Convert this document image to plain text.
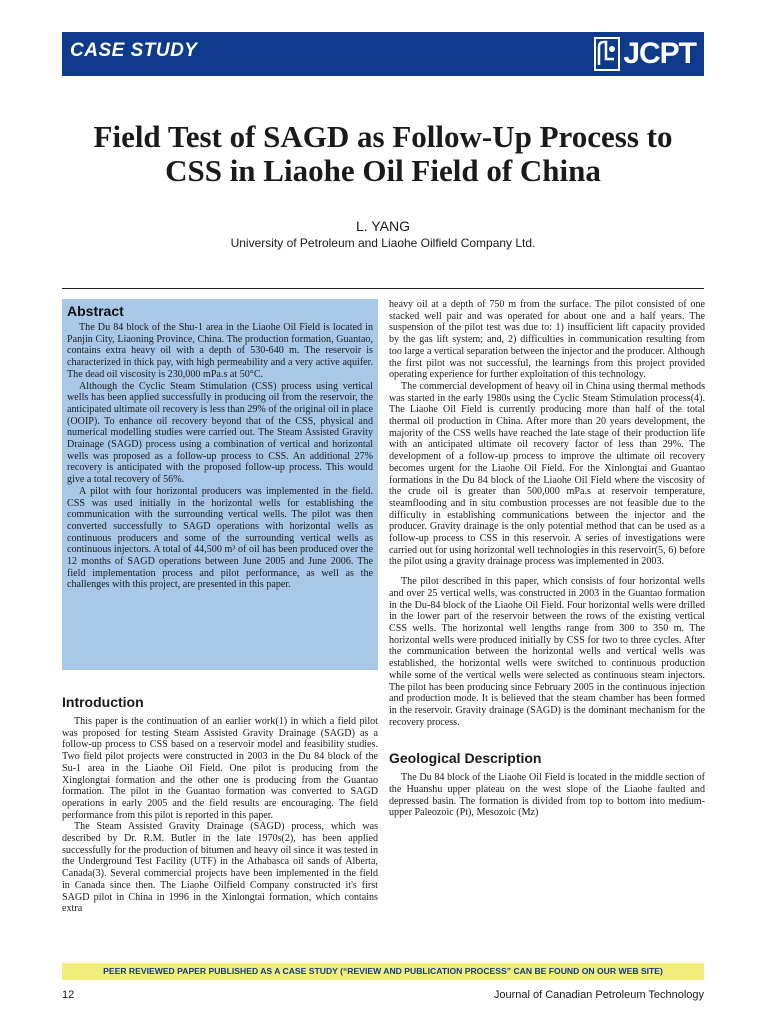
CASE STUDY	JCPT
Field Test of SAGD as Follow-Up Process to CSS in Liaohe Oil Field of China
L. YANG
University of Petroleum and Liaohe Oilfield Company Ltd.
Abstract

The Du 84 block of the Shu-1 area in the Liaohe Oil Field is located in Panjin City, Liaoning Province, China. The production formation, Guantao, contains extra heavy oil with a depth of 530-640 m. The reservoir is characterized in thick pay, with high permeability and a very active aquifer. The dead oil viscosity is 230,000 mPa.s at 50°C.

Although the Cyclic Steam Stimulation (CSS) process using vertical wells has been applied successfully in producing oil from the reservoir, the anticipated ultimate oil recovery is less than 29% of the original oil in place (OOIP). To enhance oil recovery beyond that of the CSS, physical and numerical modelling studies were carried out. The Steam Assisted Gravity Drainage (SAGD) process using a combination of vertical and horizontal wells was proposed as a follow-up process to CSS. An additional 27% recovery is anticipated with the proposed follow-up process. This would give a total recovery of 56%.

A pilot with four horizontal producers was implemented in the field. CSS was used initially in the horizontal wells for establishing the communication with the surrounding vertical wells. The pilot was then converted successfully to SAGD operations with horizontal wells as continuous producers and some of the surrounding vertical wells as continuous injectors. A total of 44,500 m³ of oil has been produced over the 12 months of SAGD operations between June 2005 and June 2006. The field implementation process and pilot performance, as well as the challenges with this project, are presented in this paper.

Introduction

This paper is the continuation of an earlier work(1) in which a field pilot was proposed for testing Steam Assisted Gravity Drainage (SAGD) as a follow-up process to CSS based on a reservoir model and feasibility studies. Two field pilot projects were constructed in 2003 in the Du 84 block of the Su-1 area in the Liaohe Oil Field. One pilot is producing from the Xinglongtai formation and the other one is producing from the Guantao formation. The pilot in the Guantao formation was converted to SAGD operations in early 2005 and the field results are encouraging. The field performance from this pilot is reported in this paper.

The Steam Assisted Gravity Drainage (SAGD) process, which was described by Dr. R.M. Butler in the late 1970s(2), has been applied successfully for the production of bitumen and heavy oil since it was tested in the Underground Test Facility (UTF) in the Athabasca oil sands of Alberta, Canada(3). Several commercial projects have been implemented in the field in Canada since then. The Liaohe Oilfield Company constructed it's first SAGD pilot in China in 1996 in the Xinlongtai formation, which contains extra

heavy oil at a depth of 750 m from the surface. The pilot consisted of one stacked well pair and was operated for about one and a half years. The suspension of the pilot test was due to: 1) insufficient lift capacity provided by the gas lift system; and, 2) difficulties in communication resulting from too large a vertical separation between the injector and the producer. Although the first pilot was not successful, the learnings from this project provided operating experience for further exploitation of this technology.

The commercial development of heavy oil in China using thermal methods was started in the early 1980s using the Cyclic Steam Stimulation process(4). The Liaohe Oil Field is currently producing more than half of the total thermal oil production in China. After more than 20 years development, the majority of the CSS wells have reached the late stage of their production life with an anticipated ultimate oil recovery factor of less than 29%. The development of a follow-up process to improve the ultimate oil recovery becomes urgent for the Liaohe Oil Field. For the Xinlongtai and Guantao formations in the Du 84 block of the Liaohe Oil Field where the viscosity of the crude oil is greater than 500,000 mPa.s at reservoir temperature, steamflooding and in situ combustion processes are not feasible due to the difficulty in establishing communications between the injector and the producer. Gravity drainage is the only potential method that can be used as a follow-up process to CSS in this reservoir. A series of investigations were carried out for using horizontal well technologies in this reservoir(5, 6) before the pilot using a gravity drainage process was implemented in 2003.

The pilot described in this paper, which consists of four horizontal wells and over 25 vertical wells, was constructed in 2003 in the Guantao formation in the Du-84 block of the Liaohe Oil Field. Four horizontal wells were drilled in the lower part of the reservoir between the rows of the existing vertical CSS wells. The horizontal well lengths range from 300 to 350 m. The horizontal wells were produced initially by CSS for two to three cycles. After the communication between the horizontal wells and vertical wells was established, the horizontal wells were switched to continuous production while some of the vertical wells were selected as continuous steam injectors. The pilot has been producing since February 2005 in the continuous injection and production mode. It is believed that the steam chamber has been formed in the reservoir. Gravity drainage (SAGD) is the dominant mechanism for the recovery process.

Geological Description

The Du 84 block of the Liaohe Oil Field is located in the middle section of the Huanshu upper plateau on the west slope of the Liaohe faulted and depressed basin. The formation is divided from top to bottom into medium-upper Paleozoic (Pt), Mesozoic (Mz)

PEER REVIEWED PAPER PUBLISHED AS A CASE STUDY (“REVIEW AND PUBLICATION PROCESS” CAN BE FOUND ON OUR WEB SITE)
12	Journal of Canadian Petroleum Technology
